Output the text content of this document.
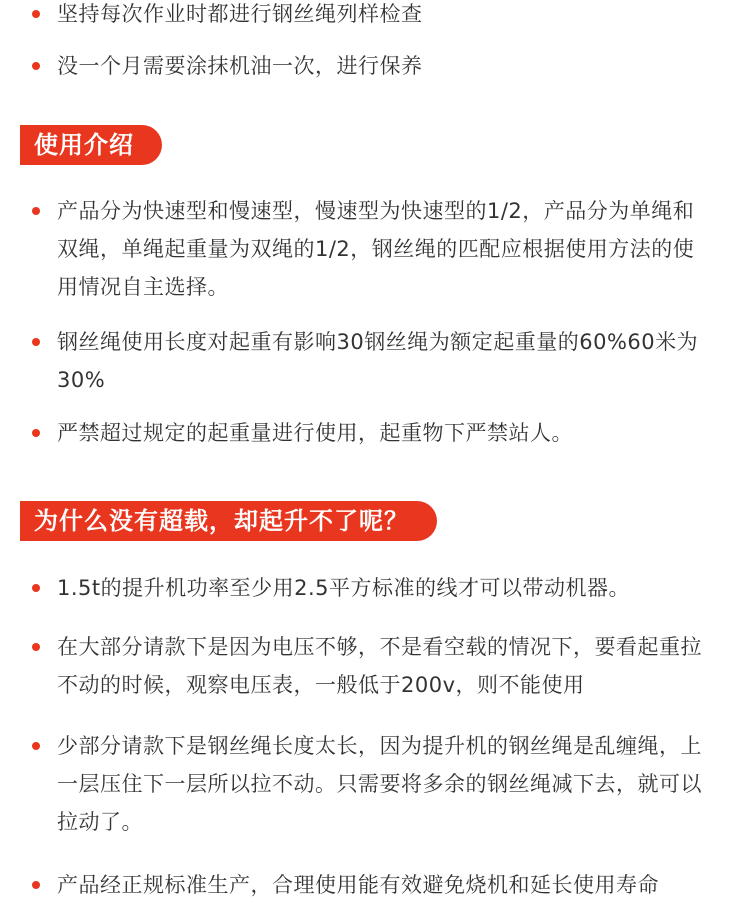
坚持每次作业时都进行钢丝绳列样检查
没一个月需要涂抹机油一次，进行保养
使用介绍
产品分为快速型和慢速型，慢速型为快速型的1/2，产品分为单绳和双绳，单绳起重量为双绳的1/2，钢丝绳的匹配应根据使用方法的使用情况自主选择。
钢丝绳使用长度对起重有影响30钢丝绳为额定起重量的60%60米为30%
严禁超过规定的起重量进行使用，起重物下严禁站人。
为什么没有超载，却起升不了呢？
1.5t的提升机功率至少用2.5平方标准的线才可以带动机器。
在大部分请款下是因为电压不够，不是看空载的情况下，要看起重拉不动的时候，观察电压表，一般低于200v，则不能使用
少部分请款下是钢丝绳长度太长，因为提升机的钢丝绳是乱缠绳，上一层压住下一层所以拉不动。只需要将多余的钢丝绳减下去，就可以拉动了。
产品经正规标准生产，合理使用能有效避免烧机和延长使用寿命
